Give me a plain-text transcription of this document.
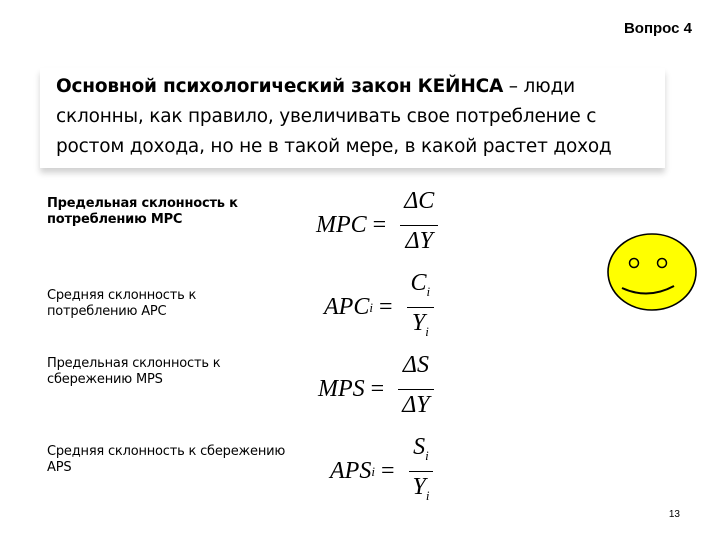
Вопрос 4
Основной психологический закон КЕЙНСА – люди склонны, как правило, увеличивать свое потребление с ростом дохода, но не в такой мере, в какой растет доход
Предельная склонность к потреблению MPC	MPC = $\frac{\Delta C}{\Delta Y}$
Средняя склонность к потреблению APC	APC $i = \frac{C_i}{Y_i}$
Предельная склонность к сбережению MPS	MPS = $\frac{\Delta S}{\Delta Y}$
Средняя склонность к сбережению APS	APS $i = \frac{S_i}{Y_i}$
13
